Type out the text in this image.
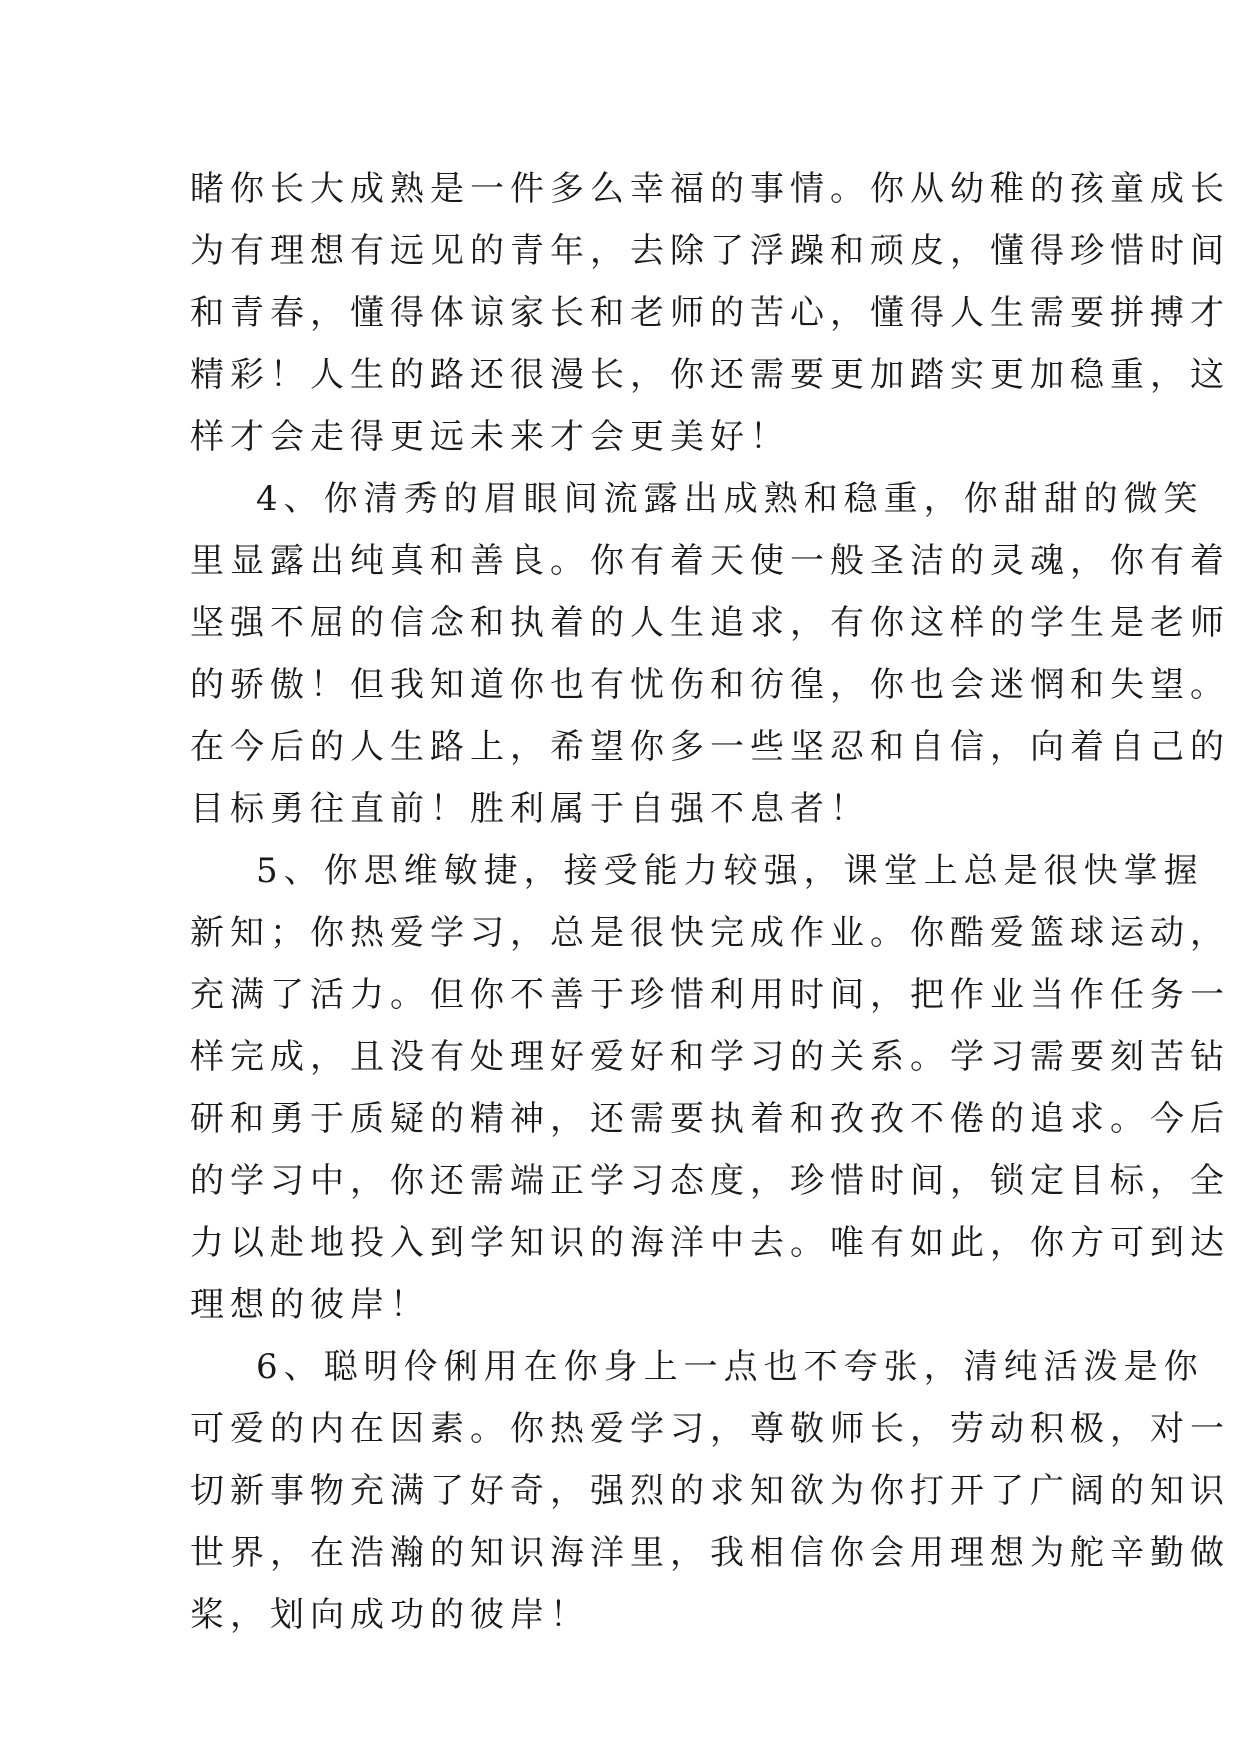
睹你长大成熟是一件多么幸福的事情。你从幼稚的孩童成长
为有理想有远见的青年，去除了浮躁和顽皮，懂得珍惜时间
和青春，懂得体谅家长和老师的苦心，懂得人生需要拼搏才
精彩！人生的路还很漫长，你还需要更加踏实更加稳重，这
样才会走得更远未来才会更美好！
4、你清秀的眉眼间流露出成熟和稳重，你甜甜的微笑
里显露出纯真和善良。你有着天使一般圣洁的灵魂，你有着
坚强不屈的信念和执着的人生追求，有你这样的学生是老师
的骄傲！但我知道你也有忧伤和彷徨，你也会迷惘和失望。
在今后的人生路上，希望你多一些坚忍和自信，向着自己的
目标勇往直前！胜利属于自强不息者！
5、你思维敏捷，接受能力较强，课堂上总是很快掌握
新知；你热爱学习，总是很快完成作业。你酷爱篮球运动，
充满了活力。但你不善于珍惜利用时间，把作业当作任务一
样完成，且没有处理好爱好和学习的关系。学习需要刻苦钻
研和勇于质疑的精神，还需要执着和孜孜不倦的追求。今后
的学习中，你还需端正学习态度，珍惜时间，锁定目标，全
力以赴地投入到学知识的海洋中去。唯有如此，你方可到达
理想的彼岸！
6、聪明伶俐用在你身上一点也不夸张，清纯活泼是你
可爱的内在因素。你热爱学习，尊敬师长，劳动积极，对一
切新事物充满了好奇，强烈的求知欲为你打开了广阔的知识
世界，在浩瀚的知识海洋里，我相信你会用理想为舵辛勤做
桨，划向成功的彼岸！
